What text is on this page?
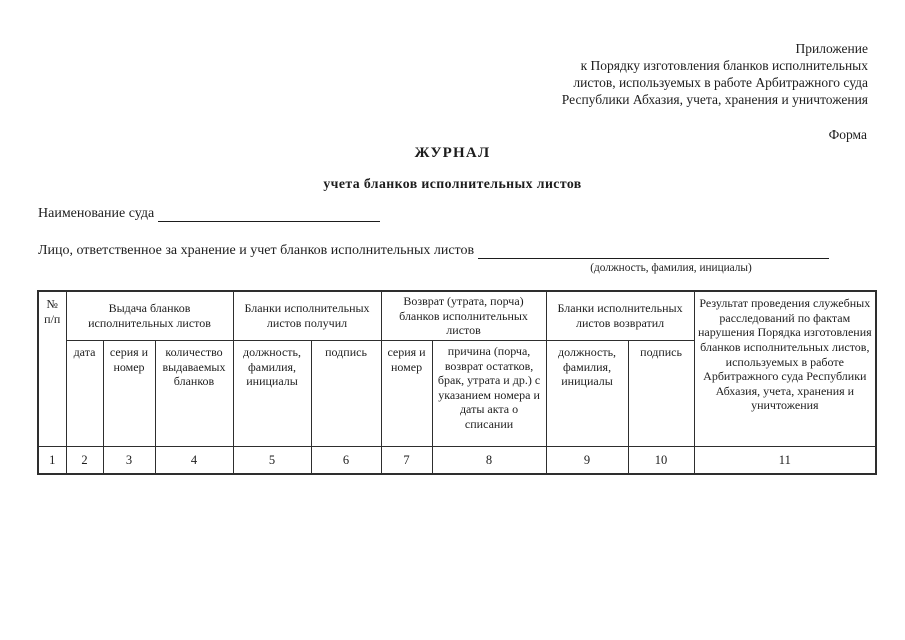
Приложение
к Порядку изготовления бланков исполнительных
листов, используемых в работе Арбитражного суда
Республики Абхазия, учета, хранения и уничтожения
Форма
ЖУРНАЛ
учета бланков исполнительных листов
Наименование суда
Лицо, ответственное за хранение и учет бланков исполнительных листов
(должность, фамилия, инициалы)
№ п/п	Выдача бланков исполнительных листов			Бланки исполнительных листов получил		Возврат (утрата, порча) бланков исполнительных листов		Бланки исполнительных листов возвратил		Результат проведения служебных расследований по фактам нарушения Порядка изготовления бланков исполнительных листов, используемых в работе Арбитражного суда Республики Абхазия, учета, хранения и уничтожения
	дата	серия и номер	количество выдаваемых бланков	должность, фамилия, инициалы	подпись	серия и номер	причина (порча, возврат остатков, брак, утрата и др.) с указанием номера и даты акта о списании	должность, фамилия, инициалы	подпись	
1	2	3	4	5	6	7	8	9	10	11
